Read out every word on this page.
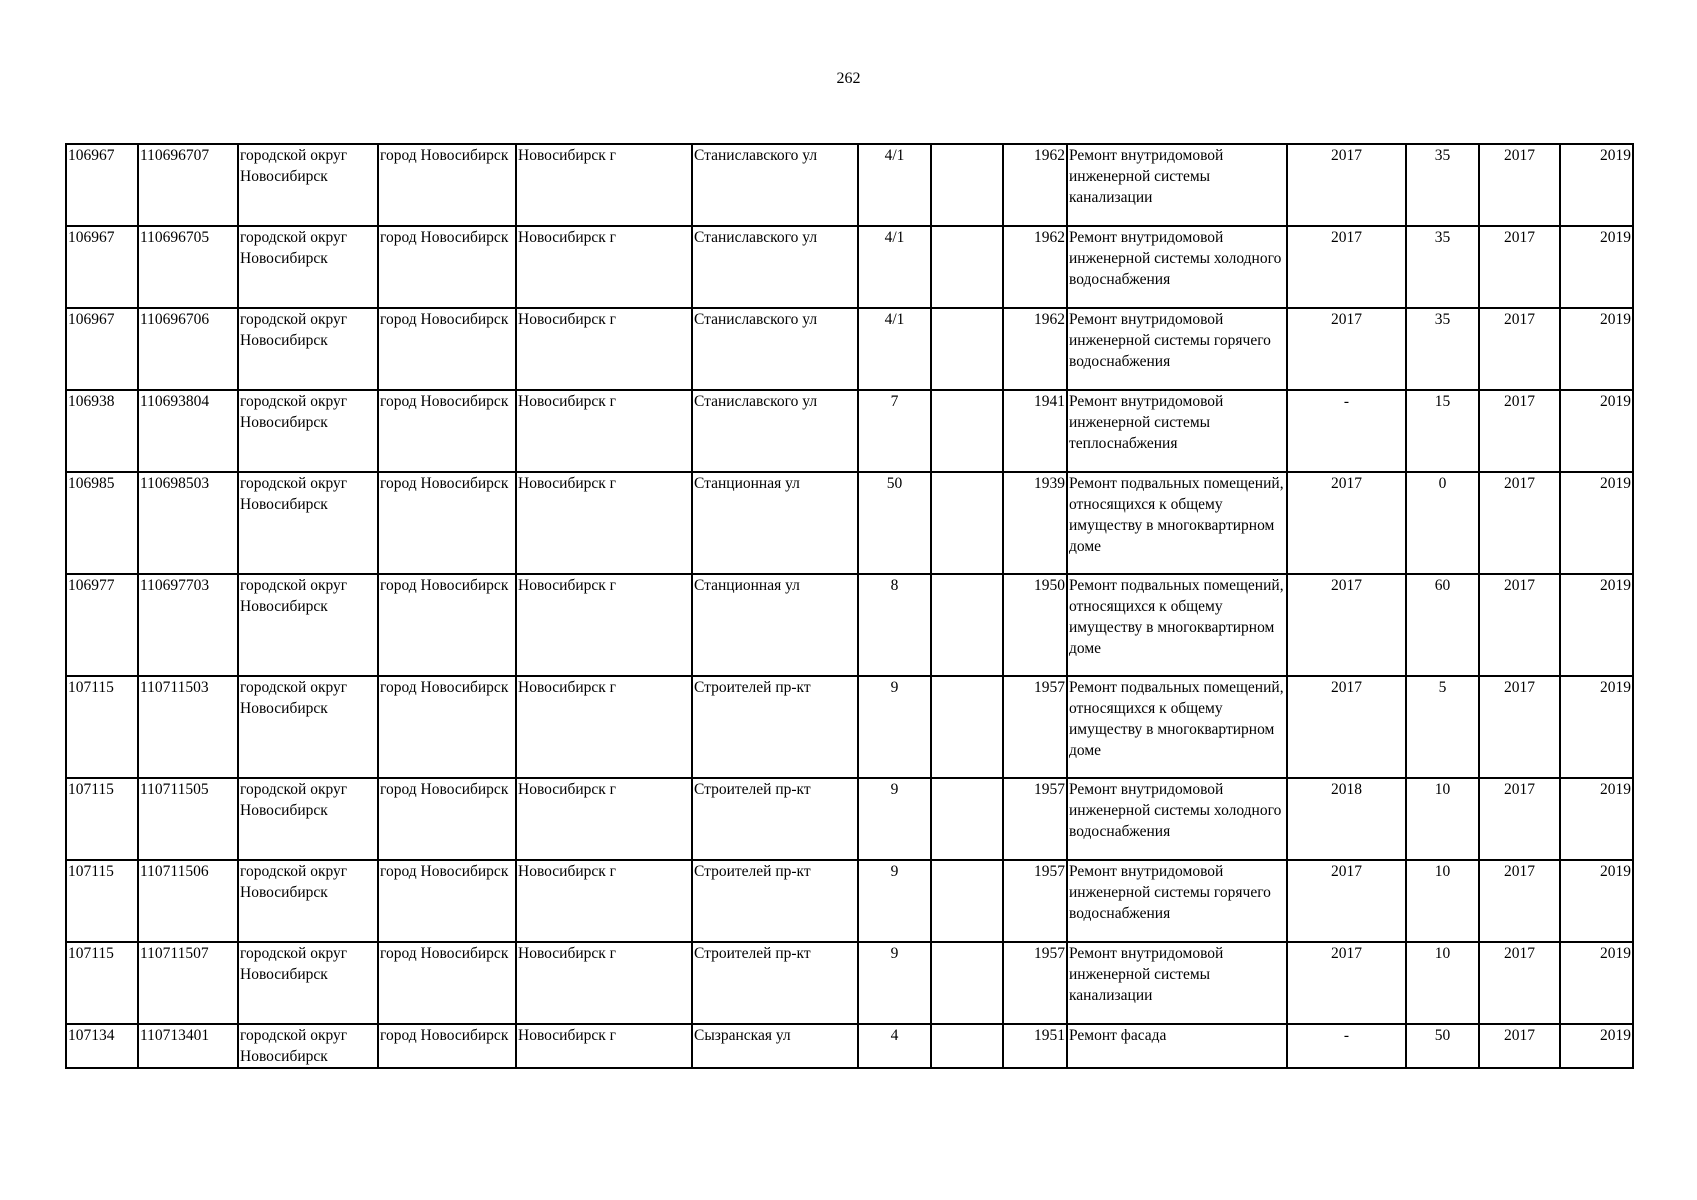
262
106967	110696707	городской округ Новосибирск	город Новосибирск	Новосибирск г	Станиславского ул	4/1		1962	Ремонт внутридомовой инженерной системы канализации	2017	35	2017	2019
106967	110696705	городской округ Новосибирск	город Новосибирск	Новосибирск г	Станиславского ул	4/1		1962	Ремонт внутридомовой инженерной системы холодного водоснабжения	2017	35	2017	2019
106967	110696706	городской округ Новосибирск	город Новосибирск	Новосибирск г	Станиславского ул	4/1		1962	Ремонт внутридомовой инженерной системы горячего водоснабжения	2017	35	2017	2019
106938	110693804	городской округ Новосибирск	город Новосибирск	Новосибирск г	Станиславского ул	7		1941	Ремонт внутридомовой инженерной системы теплоснабжения	-	15	2017	2019
106985	110698503	городской округ Новосибирск	город Новосибирск	Новосибирск г	Станционная ул	50		1939	Ремонт подвальных помещений, относящихся к общему имуществу в многоквартирном доме	2017	0	2017	2019
106977	110697703	городской округ Новосибирск	город Новосибирск	Новосибирск г	Станционная ул	8		1950	Ремонт подвальных помещений, относящихся к общему имуществу в многоквартирном доме	2017	60	2017	2019
107115	110711503	городской округ Новосибирск	город Новосибирск	Новосибирск г	Строителей пр-кт	9		1957	Ремонт подвальных помещений, относящихся к общему имуществу в многоквартирном доме	2017	5	2017	2019
107115	110711505	городской округ Новосибирск	город Новосибирск	Новосибирск г	Строителей пр-кт	9		1957	Ремонт внутридомовой инженерной системы холодного водоснабжения	2018	10	2017	2019
107115	110711506	городской округ Новосибирск	город Новосибирск	Новосибирск г	Строителей пр-кт	9		1957	Ремонт внутридомовой инженерной системы горячего водоснабжения	2017	10	2017	2019
107115	110711507	городской округ Новосибирск	город Новосибирск	Новосибирск г	Строителей пр-кт	9		1957	Ремонт внутридомовой инженерной системы канализации	2017	10	2017	2019
107134	110713401	городской округ Новосибирск	город Новосибирск	Новосибирск г	Сызранская ул	4		1951	Ремонт фасада	-	50	2017	2019
